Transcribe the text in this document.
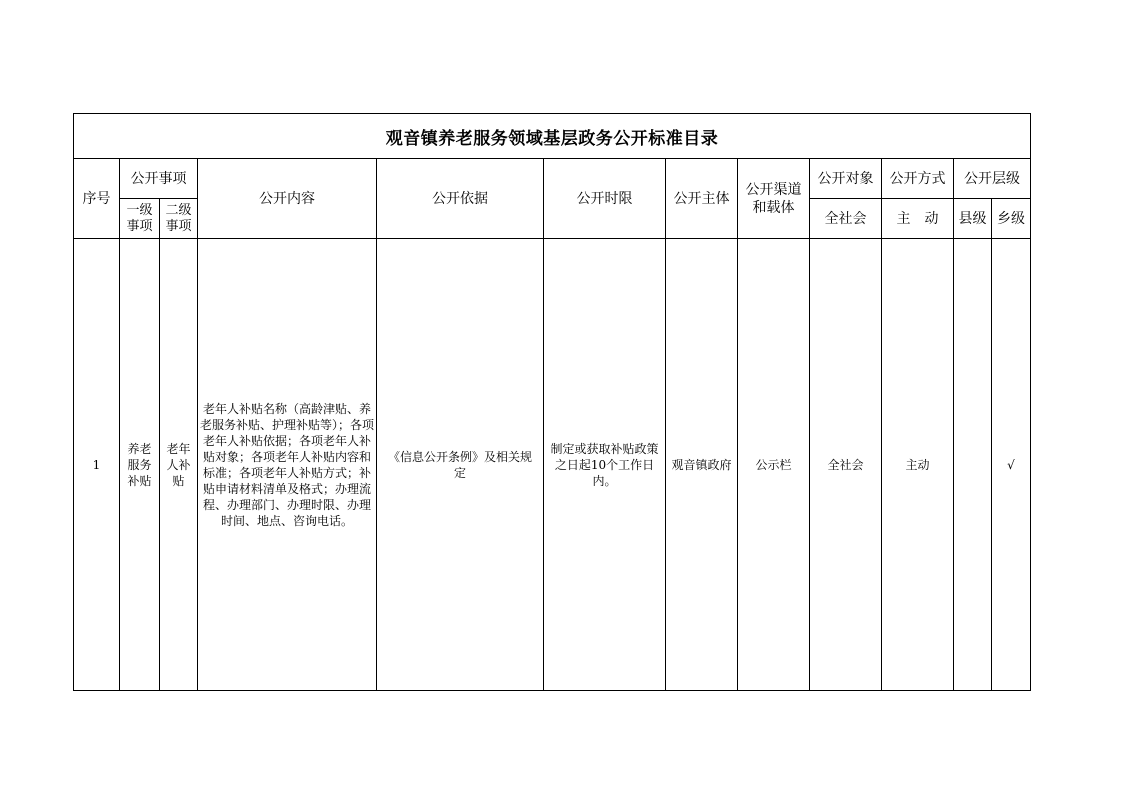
观音镇养老服务领域基层政务公开标准目录											
序号	公开事项		公开内容	公开依据	公开时限	公开主体	公开渠道和载体	公开对象	公开方式	公开层级	
	一级事项	二级事项						全社会	主　动	县级	乡级
1	养老服务补贴	老年人补贴	老年人补贴名称（高龄津贴、养老服务补贴、护理补贴等）；各项老年人补贴依据；各项老年人补贴对象；各项老年人补贴内容和标准；各项老年人补贴方式；补贴申请材料清单及格式；办理流程、办理部门、办理时限、办理时间、地点、咨询电话。	《信息公开条例》及相关规定	制定或获取补贴政策之日起10个工作日内。	观音镇政府	公示栏	全社会	主动		√
